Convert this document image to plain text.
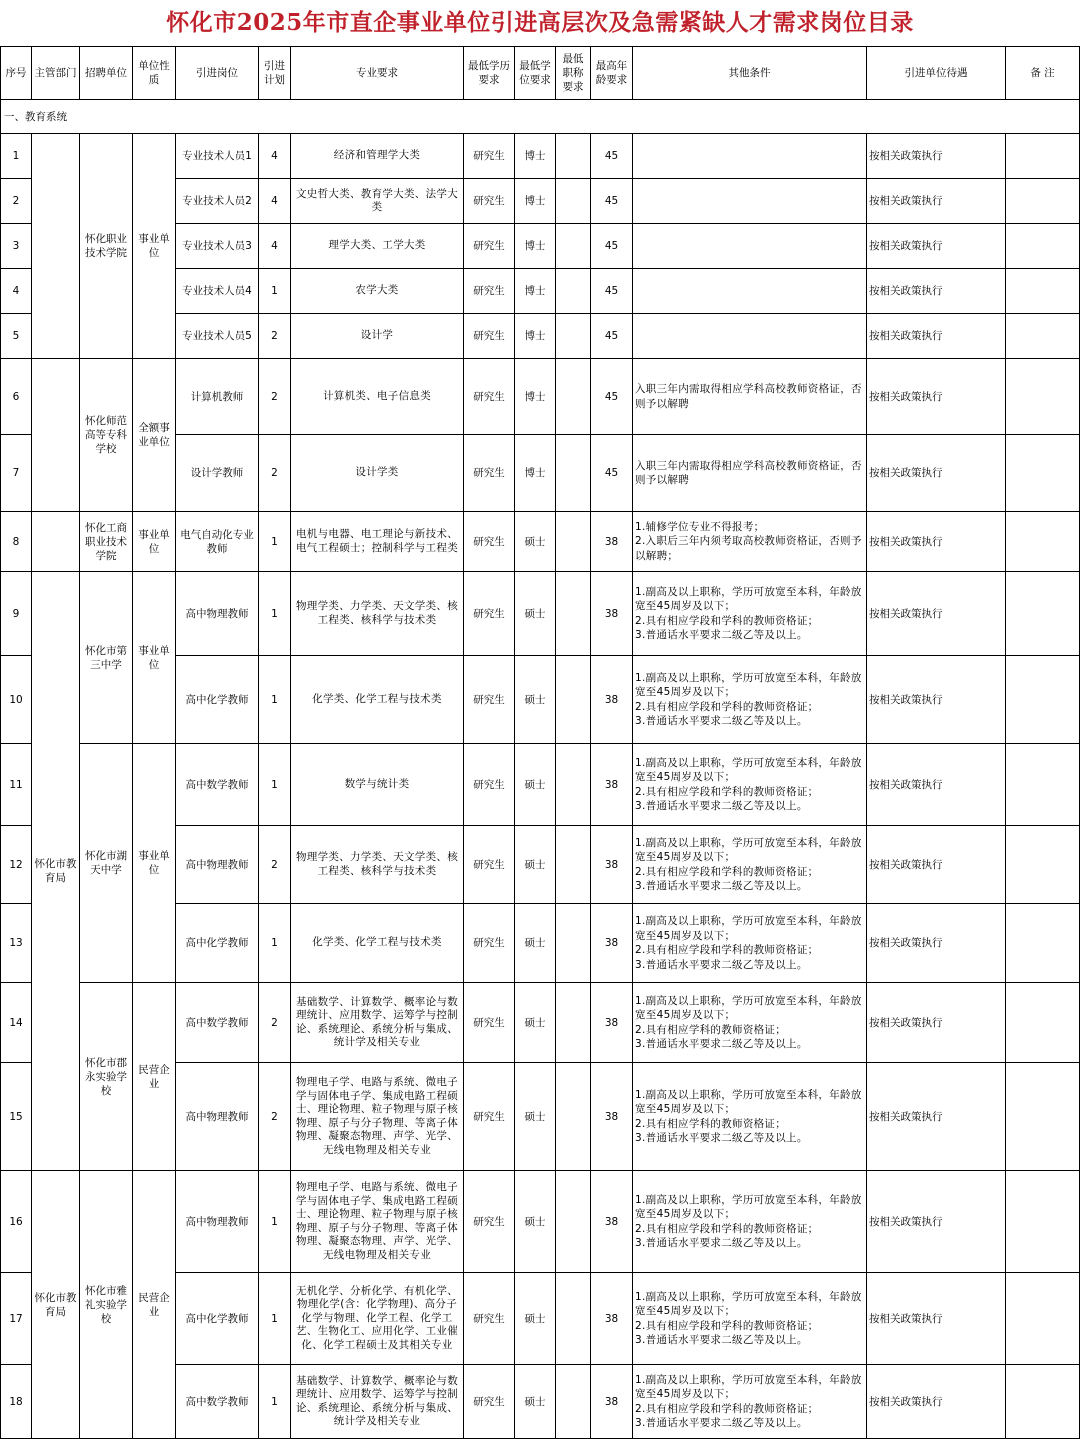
怀化市2025年市直企事业单位引进高层次及急需紧缺人才需求岗位目录
序号	主管部门	招聘单位	单位性质	引进岗位	引进计划	专业要求	最低学历要求	最低学位要求	最低职称要求	最高年龄要求	其他条件	引进单位待遇	备 注
一、教育系统													
1		怀化职业技术学院	事业单位	专业技术人员1	4	经济和管理学大类	研究生	博士		45		按相关政策执行	
2				专业技术人员2	4	文史哲大类、教育学大类、法学大类	研究生	博士		45		按相关政策执行	
3				专业技术人员3	4	理学大类、工学大类	研究生	博士		45		按相关政策执行	
4				专业技术人员4	1	农学大类	研究生	博士		45		按相关政策执行	
5				专业技术人员5	2	设计学	研究生	博士		45		按相关政策执行	
6		怀化师范高等专科学校	全额事业单位	计算机教师	2	计算机类、电子信息类	研究生	博士		45	入职三年内需取得相应学科高校教师资格证，否则予以解聘	按相关政策执行	
7				设计学教师	2	设计学类	研究生	博士		45	入职三年内需取得相应学科高校教师资格证，否则予以解聘	按相关政策执行	
8		怀化工商职业技术学院	事业单位	电气自动化专业教师	1	电机与电器、电工理论与新技术、电气工程硕士；控制科学与工程类	研究生	硕士		38	1.辅修学位专业不得报考；
2.入职后三年内须考取高校教师资格证，否则予以解聘；	按相关政策执行	
9	怀化市教育局	怀化市第三中学	事业单位	高中物理教师	1	物理学类、力学类、天文学类、核工程类、核科学与技术类	研究生	硕士		38	1.副高及以上职称，学历可放宽至本科，年龄放宽至45周岁及以下；
2.具有相应学段和学科的教师资格证；
3.普通话水平要求二级乙等及以上。	按相关政策执行	
10				高中化学教师	1	化学类、化学工程与技术类	研究生	硕士		38	1.副高及以上职称，学历可放宽至本科，年龄放宽至45周岁及以下；
2.具有相应学段和学科的教师资格证；
3.普通话水平要求二级乙等及以上。	按相关政策执行	
11		怀化市湖天中学	事业单位	高中数学教师	1	数学与统计类	研究生	硕士		38	1.副高及以上职称，学历可放宽至本科，年龄放宽至45周岁及以下；
2.具有相应学段和学科的教师资格证；
3.普通话水平要求二级乙等及以上。	按相关政策执行	
12				高中物理教师	2	物理学类、力学类、天文学类、核工程类、核科学与技术类	研究生	硕士		38	1.副高及以上职称，学历可放宽至本科，年龄放宽至45周岁及以下；
2.具有相应学段和学科的教师资格证；
3.普通话水平要求二级乙等及以上。	按相关政策执行	
13				高中化学教师	1	化学类、化学工程与技术类	研究生	硕士		38	1.副高及以上职称，学历可放宽至本科，年龄放宽至45周岁及以下；
2.具有相应学段和学科的教师资格证；
3.普通话水平要求二级乙等及以上。	按相关政策执行	
14		怀化市郡永实验学校	民营企业	高中数学教师	2	基础数学、计算数学、概率论与数理统计、应用数学、运筹学与控制论、系统理论、系统分析与集成、统计学及相关专业	研究生	硕士		38	1.副高及以上职称，学历可放宽至本科，年龄放宽至45周岁及以下；
2.具有相应学科的教师资格证；
3.普通话水平要求二级乙等及以上。	按相关政策执行	
15				高中物理教师	2	物理电子学、电路与系统、微电子学与固体电子学、集成电路工程硕士、理论物理、粒子物理与原子核物理、原子与分子物理、等离子体物理、凝聚态物理、声学、光学、无线电物理及相关专业	研究生	硕士		38	1.副高及以上职称，学历可放宽至本科，年龄放宽至45周岁及以下；
2.具有相应学科的教师资格证；
3.普通话水平要求二级乙等及以上。	按相关政策执行	
16	怀化市教育局	怀化市雅礼实验学校	民营企业	高中物理教师	1	物理电子学、电路与系统、微电子学与固体电子学、集成电路工程硕士、理论物理、粒子物理与原子核物理、原子与分子物理、等离子体物理、凝聚态物理、声学、光学、无线电物理及相关专业	研究生	硕士		38	1.副高及以上职称，学历可放宽至本科，年龄放宽至45周岁及以下；
2.具有相应学段和学科的教师资格证；
3.普通话水平要求二级乙等及以上。	按相关政策执行	
17				高中化学教师	1	无机化学、分析化学、有机化学、物理化学(含：化学物理)、高分子化学与物理、化学工程、化学工艺、生物化工、应用化学、工业催化、化学工程硕士及其相关专业	研究生	硕士		38	1.副高及以上职称，学历可放宽至本科，年龄放宽至45周岁及以下；
2.具有相应学段和学科的教师资格证；
3.普通话水平要求二级乙等及以上。	按相关政策执行	
18				高中数学教师	1	基础数学、计算数学、概率论与数理统计、应用数学、运筹学与控制论、系统理论、系统分析与集成、统计学及相关专业	研究生	硕士		38	1.副高及以上职称，学历可放宽至本科，年龄放宽至45周岁及以下；
2.具有相应学段和学科的教师资格证；
3.普通话水平要求二级乙等及以上。	按相关政策执行	
